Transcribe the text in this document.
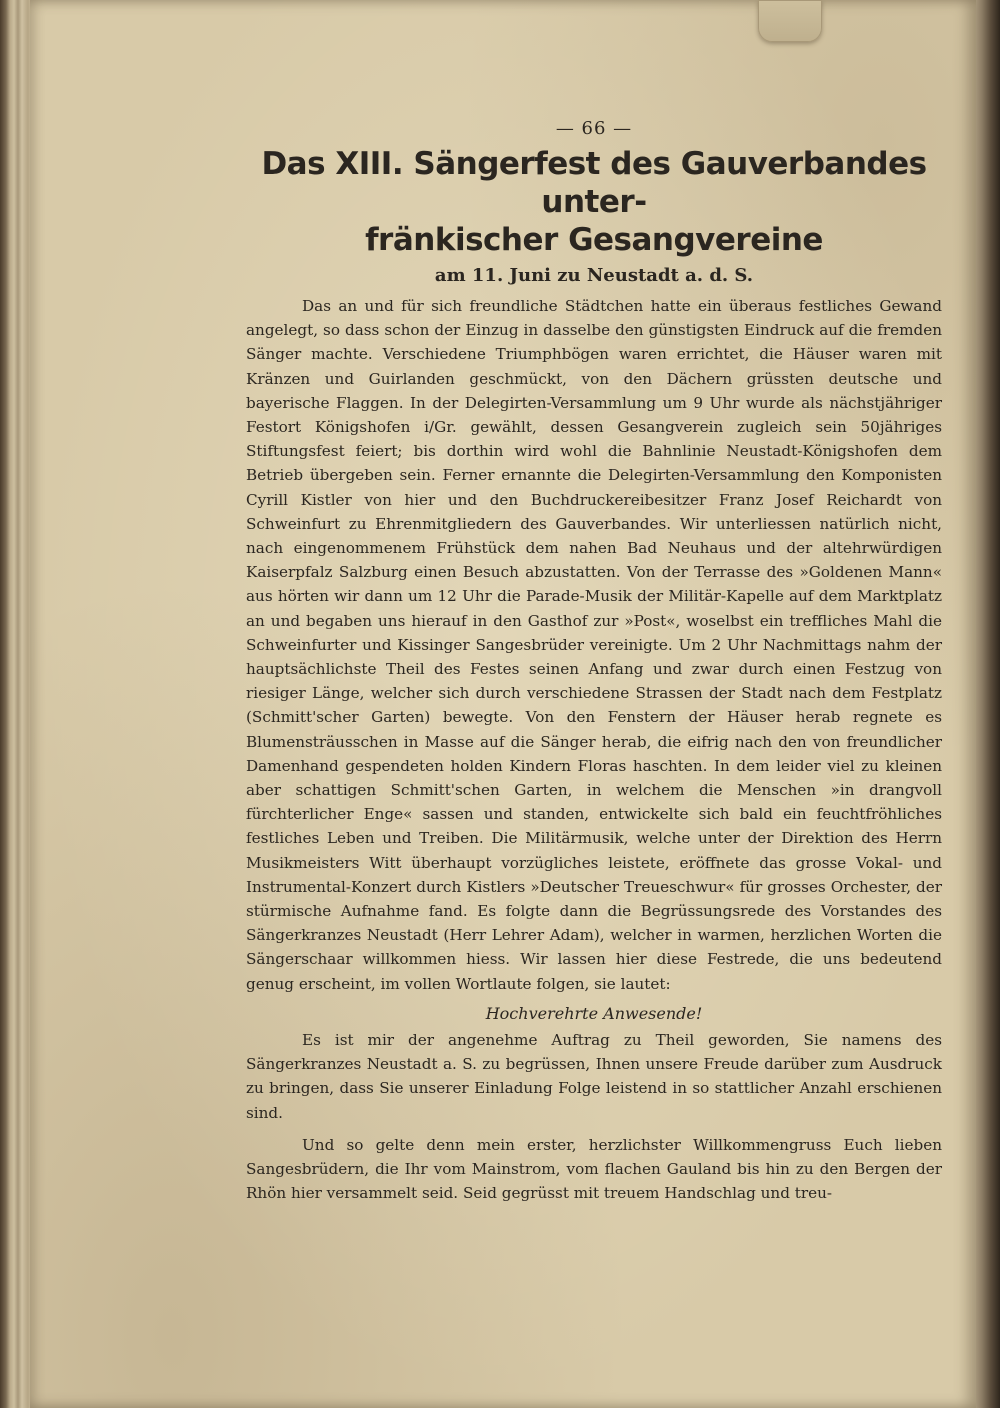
— 66 —
Das XIII. Sängerfest des Gauverbandes unter-
fränkischer Gesangvereine
am 11. Juni zu Neustadt a. d. S.

Das an und für sich freundliche Städtchen hatte ein überaus festliches Gewand angelegt, so dass schon der Einzug in dasselbe den günstigsten Eindruck auf die fremden Sänger machte. Verschiedene Triumphbögen waren errichtet, die Häuser waren mit Kränzen und Guirlanden geschmückt, von den Dächern grüssten deutsche und bayerische Flaggen. In der Delegirten-Versammlung um 9 Uhr wurde als nächstjähriger Festort Königshofen i/Gr. gewählt, dessen Gesangverein zugleich sein 50jähriges Stiftungsfest feiert; bis dorthin wird wohl die Bahnlinie Neustadt-Königshofen dem Betrieb übergeben sein. Ferner ernannte die Delegirten-Versammlung den Komponisten Cyrill Kistler von hier und den Buchdruckereibesitzer Franz Josef Reichardt von Schweinfurt zu Ehrenmitgliedern des Gauverbandes. Wir unterliessen natürlich nicht, nach eingenommenem Frühstück dem nahen Bad Neuhaus und der altehrwürdigen Kaiserpfalz Salzburg einen Besuch abzustatten. Von der Terrasse des »Goldenen Mann« aus hörten wir dann um 12 Uhr die Parade-Musik der Militär-Kapelle auf dem Marktplatz an und begaben uns hierauf in den Gasthof zur »Post«, woselbst ein treffliches Mahl die Schweinfurter und Kissinger Sangesbrüder vereinigte. Um 2 Uhr Nachmittags nahm der hauptsächlichste Theil des Festes seinen Anfang und zwar durch einen Festzug von riesiger Länge, welcher sich durch verschiedene Strassen der Stadt nach dem Festplatz (Schmitt'scher Garten) bewegte. Von den Fenstern der Häuser herab regnete es Blumensträusschen in Masse auf die Sänger herab, die eifrig nach den von freundlicher Damenhand gespendeten holden Kindern Floras haschten. In dem leider viel zu kleinen aber schattigen Schmitt'schen Garten, in welchem die Menschen »in drangvoll fürchterlicher Enge« sassen und standen, entwickelte sich bald ein feuchtfröhliches festliches Leben und Treiben. Die Militärmusik, welche unter der Direktion des Herrn Musikmeisters Witt überhaupt vorzügliches leistete, eröffnete das grosse Vokal- und Instrumental-Konzert durch Kistlers »Deutscher Treueschwur« für grosses Orchester, der stürmische Aufnahme fand. Es folgte dann die Begrüssungsrede des Vorstandes des Sängerkranzes Neustadt (Herr Lehrer Adam), welcher in warmen, herzlichen Worten die Sängerschaar willkommen hiess. Wir lassen hier diese Festrede, die uns bedeutend genug erscheint, im vollen Wortlaute folgen, sie lautet:

Hochverehrte Anwesende!

Es ist mir der angenehme Auftrag zu Theil geworden, Sie namens des Sängerkranzes Neustadt a. S. zu begrüssen, Ihnen unsere Freude darüber zum Ausdruck zu bringen, dass Sie unserer Einladung Folge leistend in so stattlicher Anzahl erschienen sind.

Und so gelte denn mein erster, herzlichster Willkommengruss Euch lieben Sangesbrüdern, die Ihr vom Mainstrom, vom flachen Gauland bis hin zu den Bergen der Rhön hier versammelt seid. Seid gegrüsst mit treuem Handschlag und treu-
